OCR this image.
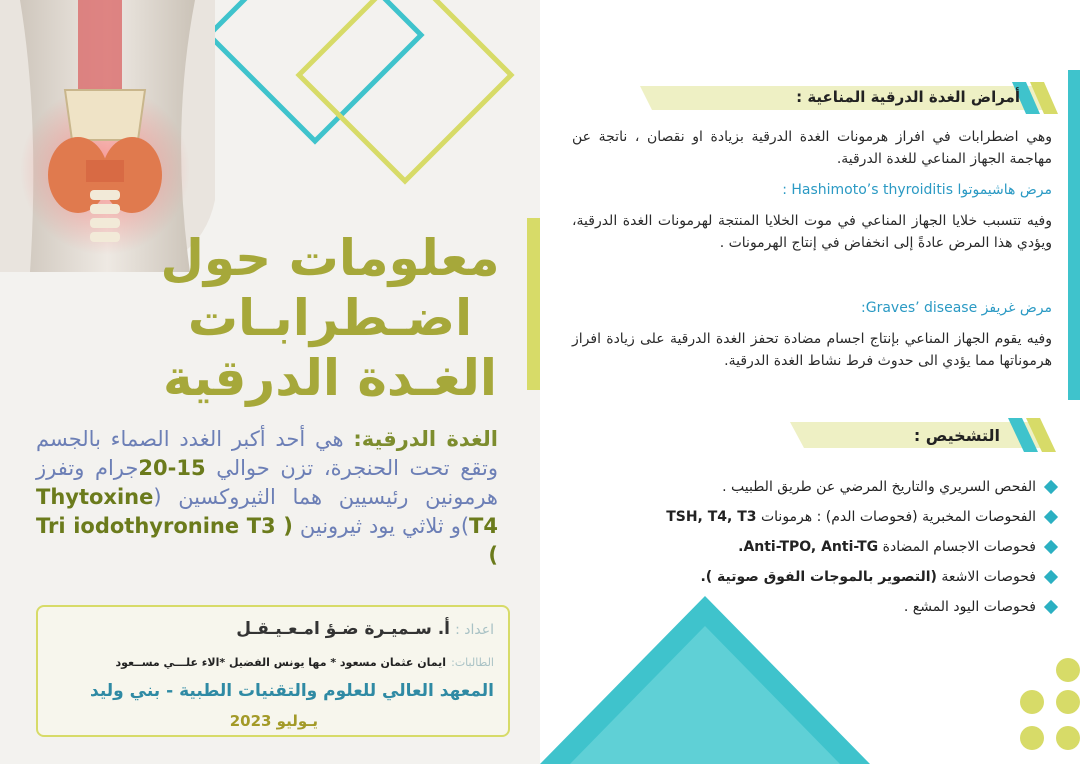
معلومات حول
اضـطرابـات
الغـدة الدرقية
الغدة الدرقية: هي أحد أكبر الغدد الصماء بالجسم وتقع تحت الحنجرة، تزن حوالي 15-20جرام وتفرز هرمونين رئيسيين هما الثيروكسين (Thytoxine T4)و ثلاثي يود ثيرونين ( Tri iodothyronine T3 )
اعداد : أ. سـميـرة ضـؤ امـعـيـقـل
الطالبات: ايمان عثمان مسعود * مها يونس الفضيل *الاء علـــي مســعود
المعهد العالي للعلوم والتقنيات الطبية - بني وليد
يـوليو 2023
أمراض الغدة الدرقية المناعية :
وهي اضطرابات في افراز هرمونات الغدة الدرقية بزيادة او نقصان ، ناتجة عن مهاجمة الجهاز المناعي للغدة الدرقية.
مرض هاشيموتوا Hashimoto’s thyroiditis :
وفيه تتسبب خلايا الجهاز المناعي في موت الخلايا المنتجة لهرمونات الغدة الدرقية، ويؤدي هذا المرض عادةً إلى انخفاض في إنتاج الهرمونات .
مرض غريفز Graves’ disease:
وفيه يقوم الجهاز المناعي بإنتاج اجسام مضادة تحفز الغدة الدرقية على زيادة افراز هرموناتها مما يؤدي الى حدوث فرط نشاط الغدة الدرقية.
التشخيص :
الفحص السريري والتاريخ المرضي عن طريق الطبيب .
الفحوصات المخبرية (فحوصات الدم) : هرمونات TSH, T4, T3
فحوصات الاجسام المضادة Anti-TPO, Anti-TG.
فحوصات الاشعة (التصوير بالموجات الفوق صوتية ).
فحوصات اليود المشع .
